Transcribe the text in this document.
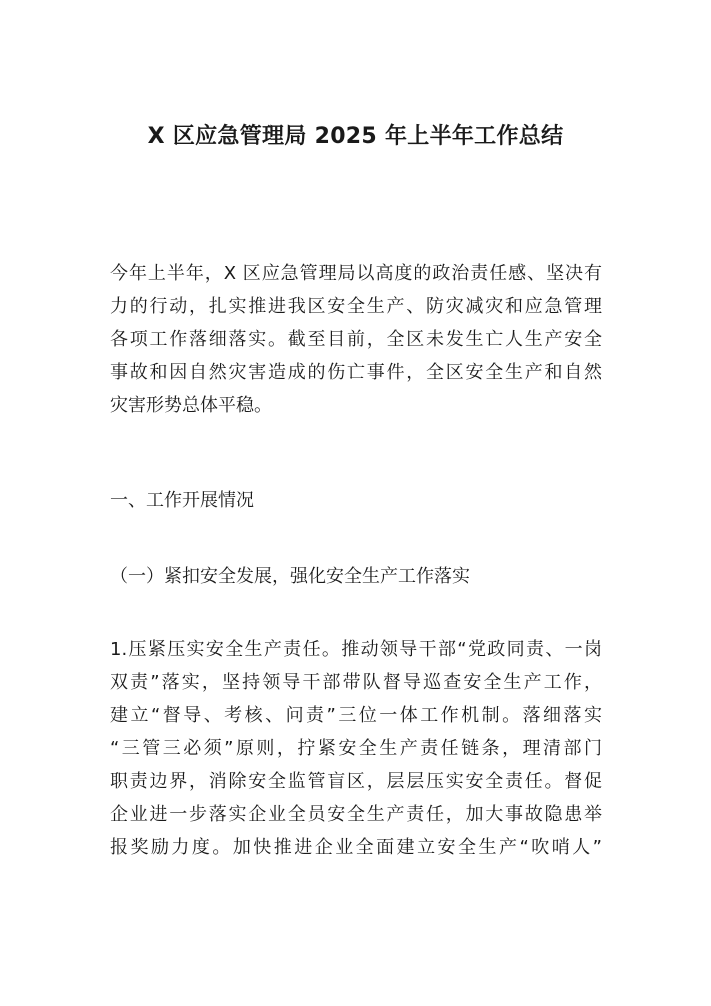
X 区应急管理局 2025 年上半年工作总结
今年上半年，X 区应急管理局以高度的政治责任感、坚决有
力的行动，扎实推进我区安全生产、防灾减灾和应急管理
各项工作落细落实。截至目前，全区未发生亡人生产安全
事故和因自然灾害造成的伤亡事件，全区安全生产和自然
灾害形势总体平稳。
一、工作开展情况
（一）紧扣安全发展，强化安全生产工作落实
1.压紧压实安全生产责任。推动领导干部“党政同责、一岗
双责”落实，坚持领导干部带队督导巡查安全生产工作，
建立“督导、考核、问责”三位一体工作机制。落细落实
“三管三必须”原则，拧紧安全生产责任链条，理清部门
职责边界，消除安全监管盲区，层层压实安全责任。督促
企业进一步落实企业全员安全生产责任，加大事故隐患举
报奖励力度。加快推进企业全面建立安全生产“吹哨人”
